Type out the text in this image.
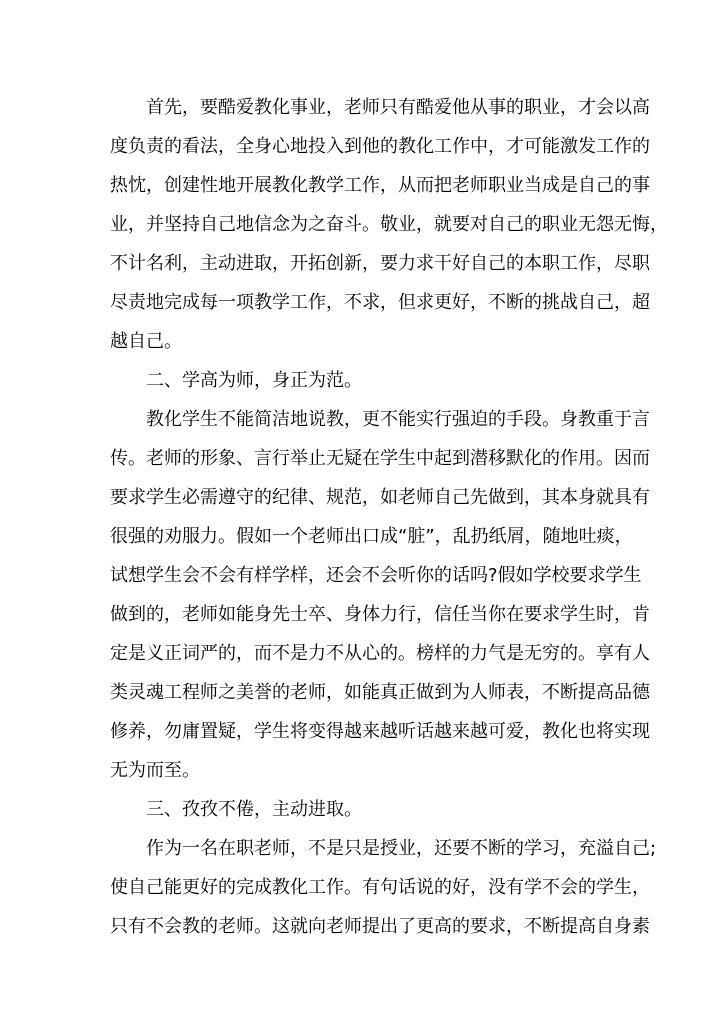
首先，要酷爱教化事业，老师只有酷爱他从事的职业，才会以高
度负责的看法，全身心地投入到他的教化工作中，才可能激发工作的
热忱，创建性地开展教化教学工作，从而把老师职业当成是自己的事
业，并坚持自己地信念为之奋斗。敬业，就要对自己的职业无怨无悔，
不计名利，主动进取，开拓创新，要力求干好自己的本职工作，尽职
尽责地完成每一项教学工作，不求，但求更好，不断的挑战自己，超
越自己。
二、学高为师，身正为范。
教化学生不能简洁地说教，更不能实行强迫的手段。身教重于言
传。老师的形象、言行举止无疑在学生中起到潜移默化的作用。因而
要求学生必需遵守的纪律、规范，如老师自己先做到，其本身就具有
很强的劝服力。假如一个老师出口成“脏”，乱扔纸屑，随地吐痰，
试想学生会不会有样学样，还会不会听你的话吗?假如学校要求学生
做到的，老师如能身先士卒、身体力行，信任当你在要求学生时，肯
定是义正词严的，而不是力不从心的。榜样的力气是无穷的。享有人
类灵魂工程师之美誉的老师，如能真正做到为人师表，不断提高品德
修养，勿庸置疑，学生将变得越来越听话越来越可爱，教化也将实现
无为而至。
三、孜孜不倦，主动进取。
作为一名在职老师，不是只是授业，还要不断的学习，充溢自己;
使自己能更好的完成教化工作。有句话说的好，没有学不会的学生，
只有不会教的老师。这就向老师提出了更高的要求，不断提高自身素
